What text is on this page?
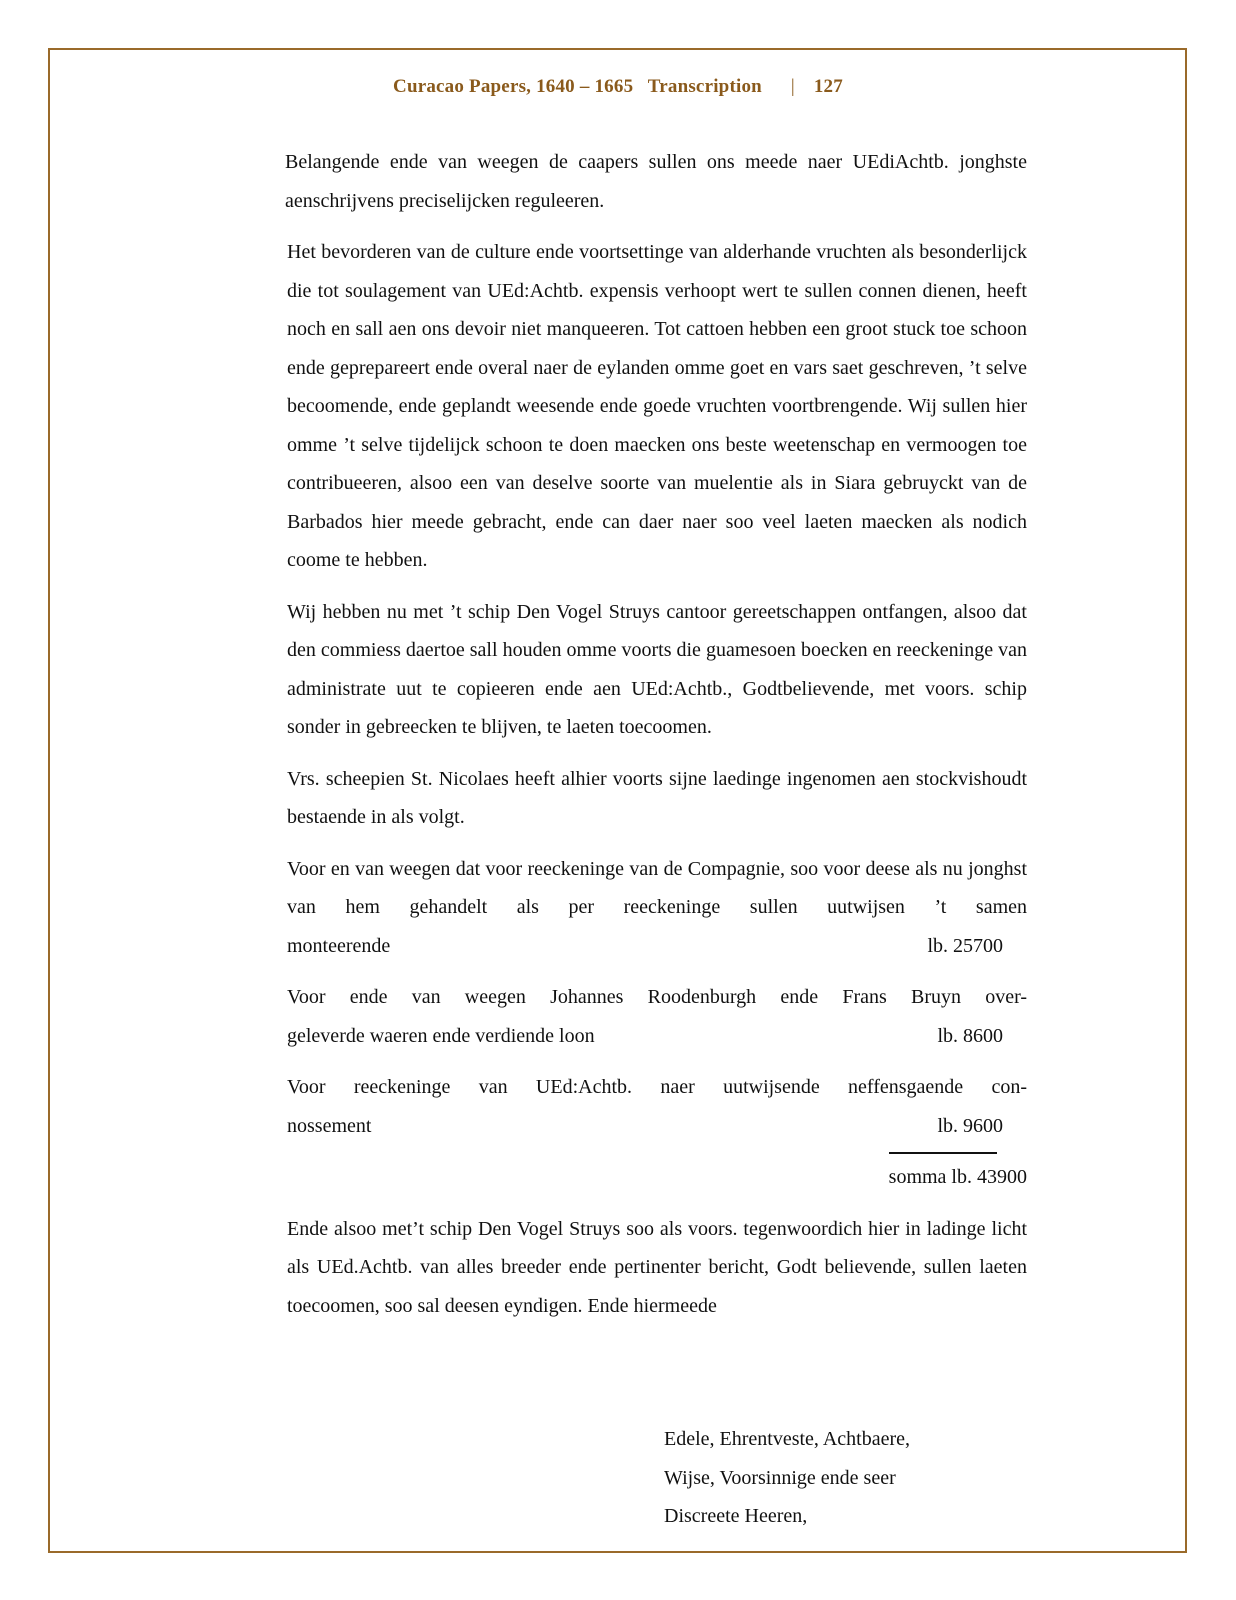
Curacao Papers, 1640 – 1665   Transcription | 127

Belangende ende van weegen de caapers sullen ons meede naer UEdiAchtb. jonghste aenschrijvens preciselijcken reguleeren.

Het bevorderen van de culture ende voortsettinge van alderhande vruchten als besonderlijck die tot soulagement van UEd:Achtb. expensis verhoopt wert te sullen connen dienen, heeft noch en sall aen ons devoir niet manqueeren. Tot cattoen hebben een groot stuck toe schoon ende geprepareert ende overal naer de eylanden omme goet en vars saet geschreven, ’t selve becoomende, ende geplandt weesende ende goede vruchten voortbrengende. Wij sullen hier omme ’t selve tijdelijck schoon te doen maecken ons beste weetenschap en vermoogen toe contribueeren, alsoo een van deselve soorte van muelentie als in Siara gebruyckt van de Barbados hier meede gebracht, ende can daer naer soo veel laeten maecken als nodich coome te hebben.

Wij hebben nu met ’t schip Den Vogel Struys cantoor gereetschappen ontfangen, alsoo dat den commiess daertoe sall houden omme voorts die guamesoen boecken en reeckeninge van administrate uut te copieeren ende aen UEd:Achtb., Godtbelievende, met voors. schip sonder in gebreecken te blijven, te laeten toecoomen.

Vrs. scheepien St. Nicolaes heeft alhier voorts sijne laedinge ingenomen aen stockvishoudt bestaende in als volgt.

Voor en van weegen dat voor reeckeninge van de Compagnie, soo voor deese als nu jonghst van hem gehandelt als per reeckeninge sullen uutwijsen ’t samen
monteerende	lb. 25700
Voor ende van weegen Johannes Roodenburgh ende Frans Bruyn over-
geleverde waeren ende verdiende loon	lb. 8600
Voor reeckeninge van UEd:Achtb. naer uutwijsende neffensgaende con-
nossement	lb. 9600
somma lb. 43900

Ende alsoo met’t schip Den Vogel Struys soo als voors. tegenwoordich hier in ladinge licht als UEd.Achtb. van alles breeder ende pertinenter bericht, Godt believende, sullen laeten toecoomen, soo sal deesen eyndigen. Ende hiermeede

Edele, Ehrentveste, Achtbaere,
Wijse, Voorsinnige ende seer
Discreete Heeren,
